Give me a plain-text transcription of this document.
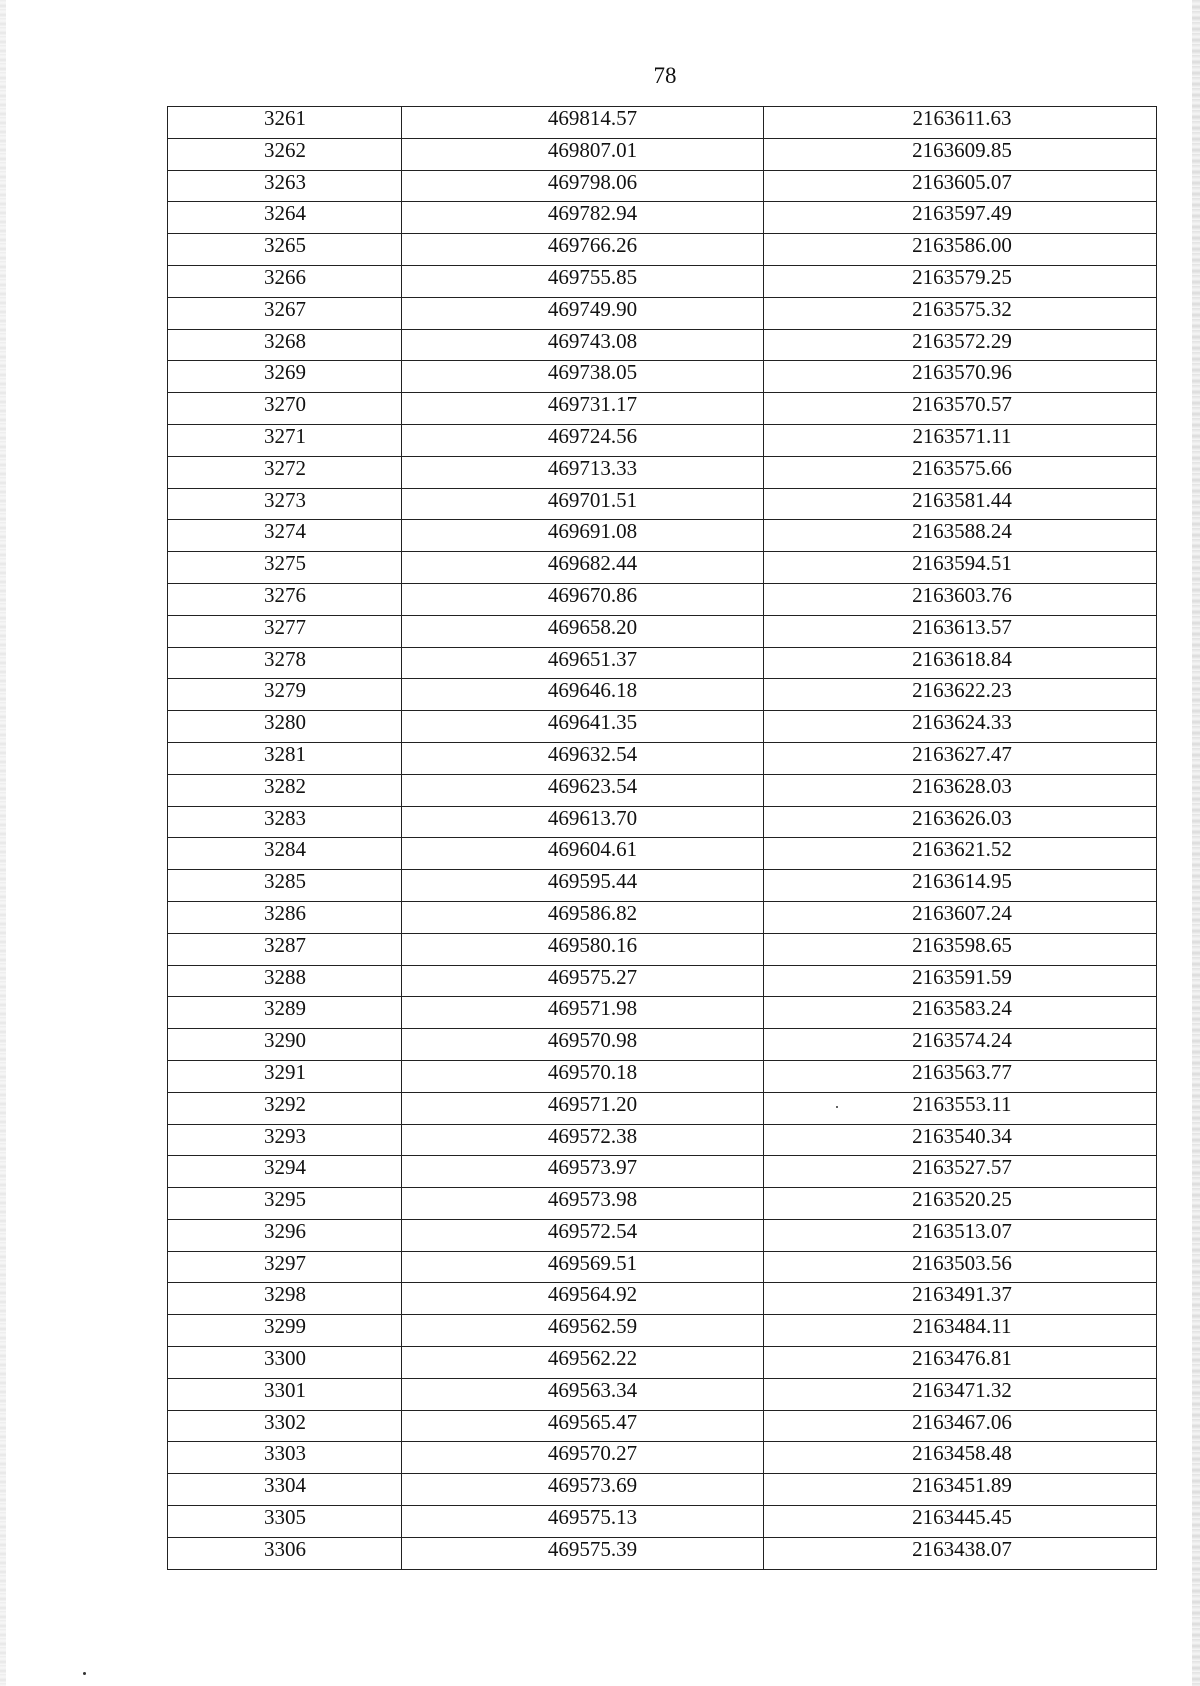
78
3261	469814.57	2163611.63
3262	469807.01	2163609.85
3263	469798.06	2163605.07
3264	469782.94	2163597.49
3265	469766.26	2163586.00
3266	469755.85	2163579.25
3267	469749.90	2163575.32
3268	469743.08	2163572.29
3269	469738.05	2163570.96
3270	469731.17	2163570.57
3271	469724.56	2163571.11
3272	469713.33	2163575.66
3273	469701.51	2163581.44
3274	469691.08	2163588.24
3275	469682.44	2163594.51
3276	469670.86	2163603.76
3277	469658.20	2163613.57
3278	469651.37	2163618.84
3279	469646.18	2163622.23
3280	469641.35	2163624.33
3281	469632.54	2163627.47
3282	469623.54	2163628.03
3283	469613.70	2163626.03
3284	469604.61	2163621.52
3285	469595.44	2163614.95
3286	469586.82	2163607.24
3287	469580.16	2163598.65
3288	469575.27	2163591.59
3289	469571.98	2163583.24
3290	469570.98	2163574.24
3291	469570.18	2163563.77
3292	469571.20	2163553.11
3293	469572.38	2163540.34
3294	469573.97	2163527.57
3295	469573.98	2163520.25
3296	469572.54	2163513.07
3297	469569.51	2163503.56
3298	469564.92	2163491.37
3299	469562.59	2163484.11
3300	469562.22	2163476.81
3301	469563.34	2163471.32
3302	469565.47	2163467.06
3303	469570.27	2163458.48
3304	469573.69	2163451.89
3305	469575.13	2163445.45
3306	469575.39	2163438.07
